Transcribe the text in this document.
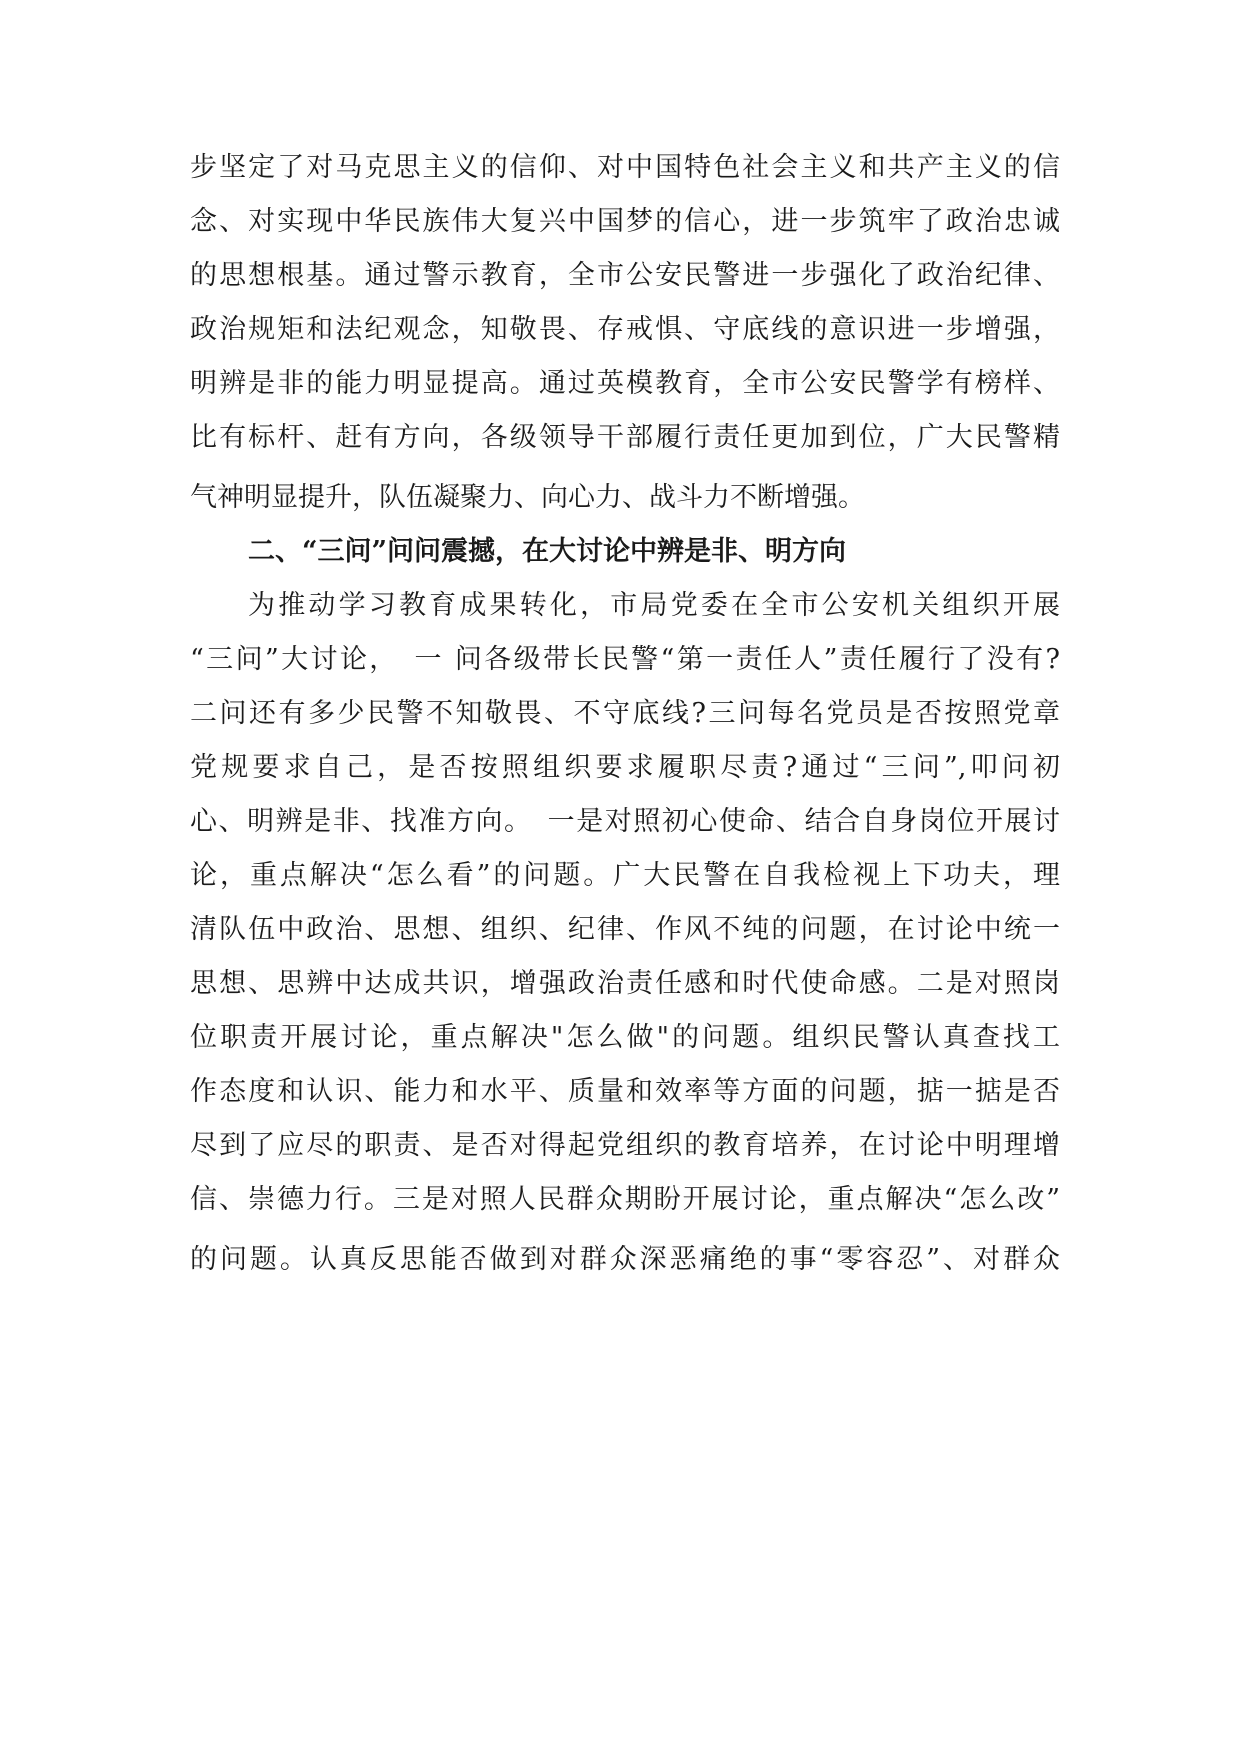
步坚定了对马克思主义的信仰、对中国特色社会主义和共产主义的信
念、对实现中华民族伟大复兴中国梦的信心，进一步筑牢了政治忠诚
的思想根基。通过警示教育，全市公安民警进一步强化了政治纪律、
政治规矩和法纪观念，知敬畏、存戒惧、守底线的意识进一步增强，
明辨是非的能力明显提高。通过英模教育，全市公安民警学有榜样、
比有标杆、赶有方向，各级领导干部履行责任更加到位，广大民警精
气神明显提升，队伍凝聚力、向心力、战斗力不断增强。
二、“三问”问问震撼，在大讨论中辨是非、明方向
为推动学习教育成果转化，市局党委在全市公安机关组织开展
“三问”大讨论，　一 问各级带长民警“第一责任人”责任履行了没有?
二问还有多少民警不知敬畏、不守底线?三问每名党员是否按照党章
党规要求自己，是否按照组织要求履职尽责?通过“三问”,叩问初
心、明辨是非、找准方向。　一是对照初心使命、结合自身岗位开展讨
论，重点解决“怎么看”的问题。广大民警在自我检视上下功夫，理
清队伍中政治、思想、组织、纪律、作风不纯的问题，在讨论中统一
思想、思辨中达成共识，增强政治责任感和时代使命感。二是对照岗
位职责开展讨论，重点解决"怎么做"的问题。组织民警认真查找工
作态度和认识、能力和水平、质量和效率等方面的问题，掂一掂是否
尽到了应尽的职责、是否对得起党组织的教育培养，在讨论中明理增
信、崇德力行。三是对照人民群众期盼开展讨论，重点解决“怎么改”
的问题。认真反思能否做到对群众深恶痛绝的事“零容忍”、对群众
